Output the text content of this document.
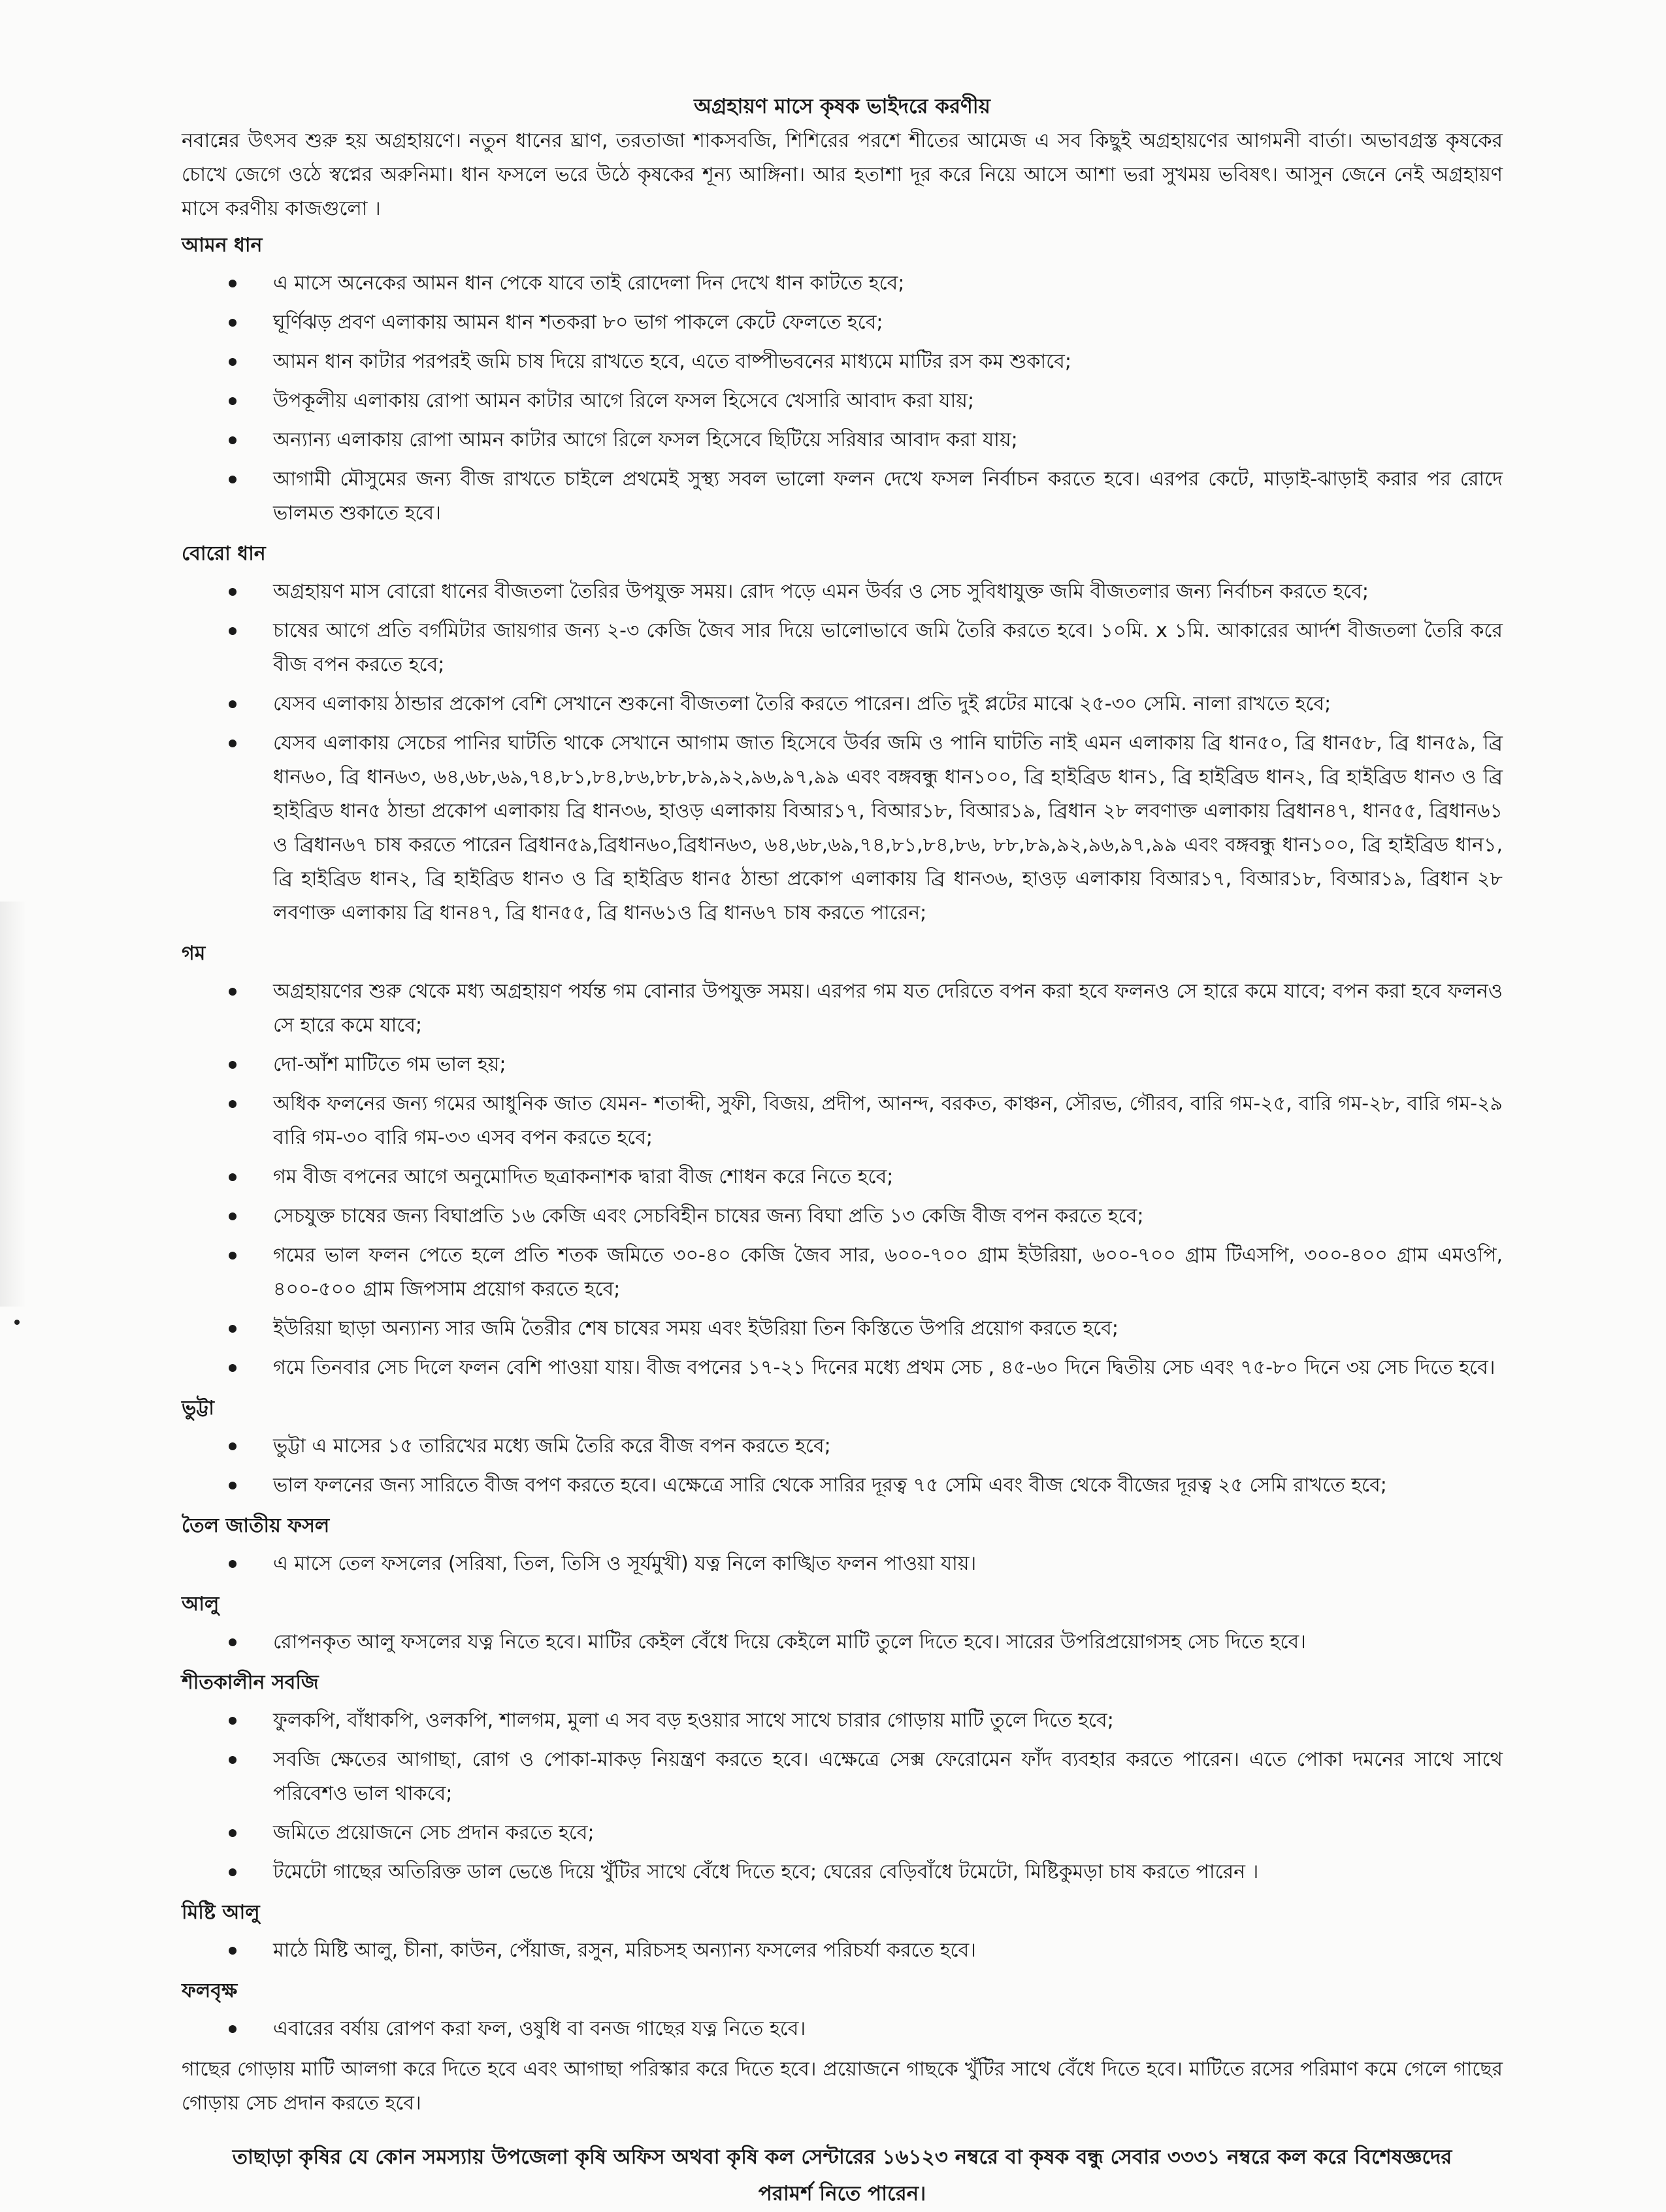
অগ্রহায়ণ মাসে কৃষক ভাইদরে করণীয়

নবান্নের উৎসব শুরু হয় অগ্রহায়ণে। নতুন ধানের ঘ্রাণ, তরতাজা শাকসবজি, শিশিরের পরশে শীতের আমেজ এ সব কিছুই অগ্রহায়ণের আগমনী বার্তা। অভাবগ্রস্ত কৃষকের চোখে জেগে ওঠে স্বপ্নের অরুনিমা। ধান ফসলে ভরে উঠে কৃষকের শূন্য আঙ্গিনা। আর হতাশা দূর করে নিয়ে আসে আশা ভরা সুখময় ভবিষৎ। আসুন জেনে নেই অগ্রহায়ণ মাসে করণীয় কাজগুলো ।

আমন ধান
এ মাসে অনেকের আমন ধান পেকে যাবে তাই রোদেলা দিন দেখে ধান কাটতে হবে;
ঘূর্ণিঝড় প্রবণ এলাকায় আমন ধান শতকরা ৮০ ভাগ পাকলে কেটে ফেলতে হবে;
আমন ধান কাটার পরপরই জমি চাষ দিয়ে রাখতে হবে, এতে বাষ্পীভবনের মাধ্যমে মাটির রস কম শুকাবে;
উপকূলীয় এলাকায় রোপা আমন কাটার আগে রিলে ফসল হিসেবে খেসারি আবাদ করা যায়;
অন্যান্য এলাকায় রোপা আমন কাটার আগে রিলে ফসল হিসেবে ছিটিয়ে সরিষার আবাদ করা যায়;
আগামী মৌসুমের জন্য বীজ রাখতে চাইলে প্রথমেই সুস্থ্য সবল ভালো ফলন দেখে ফসল নির্বাচন করতে হবে। এরপর কেটে, মাড়াই-ঝাড়াই করার পর রোদে ভালমত শুকাতে হবে।
বোরো ধান
অগ্রহায়ণ মাস বোরো ধানের বীজতলা তৈরির উপযুক্ত সময়। রোদ পড়ে এমন উর্বর ও সেচ সুবিধাযুক্ত জমি বীজতলার জন্য নির্বাচন করতে হবে;
চাষের আগে প্রতি বর্গমিটার জায়গার জন্য ২-৩ কেজি জৈব সার দিয়ে ভালোভাবে জমি তৈরি করতে হবে। ১০মি. x ১মি. আকারের আর্দশ বীজতলা তৈরি করে বীজ বপন করতে হবে;
যেসব এলাকায় ঠান্ডার প্রকোপ বেশি সেখানে শুকনো বীজতলা তৈরি করতে পারেন। প্রতি দুই প্লটের মাঝে ২৫-৩০ সেমি. নালা রাখতে হবে;
যেসব এলাকায় সেচের পানির ঘাটতি থাকে সেখানে আগাম জাত হিসেবে উর্বর জমি ও পানি ঘাটতি নাই এমন এলাকায় ব্রি ধান৫০, ব্রি ধান৫৮, ব্রি ধান৫৯, ব্রি ধান৬০, ব্রি ধান৬৩, ৬৪,৬৮,৬৯,৭৪,৮১,৮৪,৮৬,৮৮,৮৯,৯২,৯৬,৯৭,৯৯ এবং বঙ্গবন্ধু ধান১০০, ব্রি হাইব্রিড ধান১, ব্রি হাইব্রিড ধান২, ব্রি হাইব্রিড ধান৩ ও ব্রি হাইব্রিড ধান৫ ঠান্ডা প্রকোপ এলাকায় ব্রি ধান৩৬, হাওড় এলাকায় বিআর১৭, বিআর১৮, বিআর১৯, ব্রিধান ২৮ লবণাক্ত এলাকায় ব্রিধান৪৭, ধান৫৫, ব্রিধান৬১ ও ব্রিধান৬৭ চাষ করতে পারেন ব্রিধান৫৯,ব্রিধান৬০,ব্রিধান৬৩, ৬৪,৬৮,৬৯,৭৪,৮১,৮৪,৮৬, ৮৮,৮৯,৯২,৯৬,৯৭,৯৯ এবং বঙ্গবন্ধু ধান১০০, ব্রি হাইব্রিড ধান১, ব্রি হাইব্রিড ধান২, ব্রি হাইব্রিড ধান৩ ও ব্রি হাইব্রিড ধান৫ ঠান্ডা প্রকোপ এলাকায় ব্রি ধান৩৬, হাওড় এলাকায় বিআর১৭, বিআর১৮, বিআর১৯, ব্রিধান ২৮ লবণাক্ত এলাকায় ব্রি ধান৪৭, ব্রি ধান৫৫, ব্রি ধান৬১ও ব্রি ধান৬৭ চাষ করতে পারেন;
গম
অগ্রহায়ণের শুরু থেকে মধ্য অগ্রহায়ণ পর্যন্ত গম বোনার উপযুক্ত সময়। এরপর গম যত দেরিতে বপন করা হবে ফলনও সে হারে কমে যাবে; বপন করা হবে ফলনও সে হারে কমে যাবে;
দো-আঁশ মাটিতে গম ভাল হয়;
অধিক ফলনের জন্য গমের আধুনিক জাত যেমন- শতাব্দী, সুফী, বিজয়, প্রদীপ, আনন্দ, বরকত, কাঞ্চন, সৌরভ, গৌরব, বারি গম-২৫, বারি গম-২৮, বারি গম-২৯ বারি গম-৩০ বারি গম-৩৩ এসব বপন করতে হবে;
গম বীজ বপনের আগে অনুমোদিত ছত্রাকনাশক দ্বারা বীজ শোধন করে নিতে হবে;
সেচযুক্ত চাষের জন্য বিঘাপ্রতি ১৬ কেজি এবং সেচবিহীন চাষের জন্য বিঘা প্রতি ১৩ কেজি বীজ বপন করতে হবে;
গমের ভাল ফলন পেতে হলে প্রতি শতক জমিতে ৩০-৪০ কেজি জৈব সার, ৬০০-৭০০ গ্রাম ইউরিয়া, ৬০০-৭০০ গ্রাম টিএসপি, ৩০০-৪০০ গ্রাম এমওপি, ৪০০-৫০০ গ্রাম জিপসাম প্রয়োগ করতে হবে;
ইউরিয়া ছাড়া অন্যান্য সার জমি তৈরীর শেষ চাষের সময় এবং ইউরিয়া তিন কিস্তিতে উপরি প্রয়োগ করতে হবে;
গমে তিনবার সেচ দিলে ফলন বেশি পাওয়া যায়। বীজ বপনের ১৭-২১ দিনের মধ্যে প্রথম সেচ , ৪৫-৬০ দিনে দ্বিতীয় সেচ এবং ৭৫-৮০ দিনে ৩য় সেচ দিতে হবে।
ভুট্টা
ভুট্টা এ মাসের ১৫ তারিখের মধ্যে জমি তৈরি করে বীজ বপন করতে হবে;
ভাল ফলনের জন্য সারিতে বীজ বপণ করতে হবে। এক্ষেত্রে সারি থেকে সারির দূরত্ব ৭৫ সেমি এবং বীজ থেকে বীজের দূরত্ব ২৫ সেমি রাখতে হবে;
তৈল জাতীয় ফসল
এ মাসে তেল ফসলের (সরিষা, তিল, তিসি ও সূর্যমুখী) যত্ন নিলে কাঙ্খিত ফলন পাওয়া যায়।
আলু
রোপনকৃত আলু ফসলের যত্ন নিতে হবে। মাটির কেইল বেঁধে দিয়ে কেইলে মাটি তুলে দিতে হবে। সারের উপরিপ্রয়োগসহ সেচ দিতে হবে।
শীতকালীন সবজি
ফুলকপি, বাঁধাকপি, ওলকপি, শালগম, মুলা এ সব বড় হওয়ার সাথে সাথে চারার গোড়ায় মাটি তুলে দিতে হবে;
সবজি ক্ষেতের আগাছা, রোগ ও পোকা-মাকড় নিয়ন্ত্রণ করতে হবে। এক্ষেত্রে সেক্স ফেরোমেন ফাঁদ ব্যবহার করতে পারেন। এতে পোকা দমনের সাথে সাথে পরিবেশও ভাল থাকবে;
জমিতে প্রয়োজনে সেচ প্রদান করতে হবে;
টমেটো গাছের অতিরিক্ত ডাল ভেঙে দিয়ে খুঁটির সাথে বেঁধে দিতে হবে; ঘেরের বেড়িবাঁধে টমেটো, মিষ্টিকুমড়া চাষ করতে পারেন ।
মিষ্টি আলু
মাঠে মিষ্টি আলু, চীনা, কাউন, পেঁয়াজ, রসুন, মরিচসহ অন্যান্য ফসলের পরিচর্যা করতে হবে।
ফলবৃক্ষ
এবারের বর্ষায় রোপণ করা ফল, ওষুধি বা বনজ গাছের যত্ন নিতে হবে।

গাছের গোড়ায় মাটি আলগা করে দিতে হবে এবং আগাছা পরিস্কার করে দিতে হবে। প্রয়োজনে গাছকে খুঁটির সাথে বেঁধে দিতে হবে। মাটিতে রসের পরিমাণ কমে গেলে গাছের গোড়ায় সেচ প্রদান করতে হবে।

তাছাড়া কৃষির যে কোন সমস্যায় উপজেলা কৃষি অফিস অথবা কৃষি কল সেন্টারের ১৬১২৩ নম্বরে বা কৃষক বন্ধু সেবার ৩৩৩১ নম্বরে কল করে বিশেষজ্ঞদের পরামর্শ নিতে পারেন।
